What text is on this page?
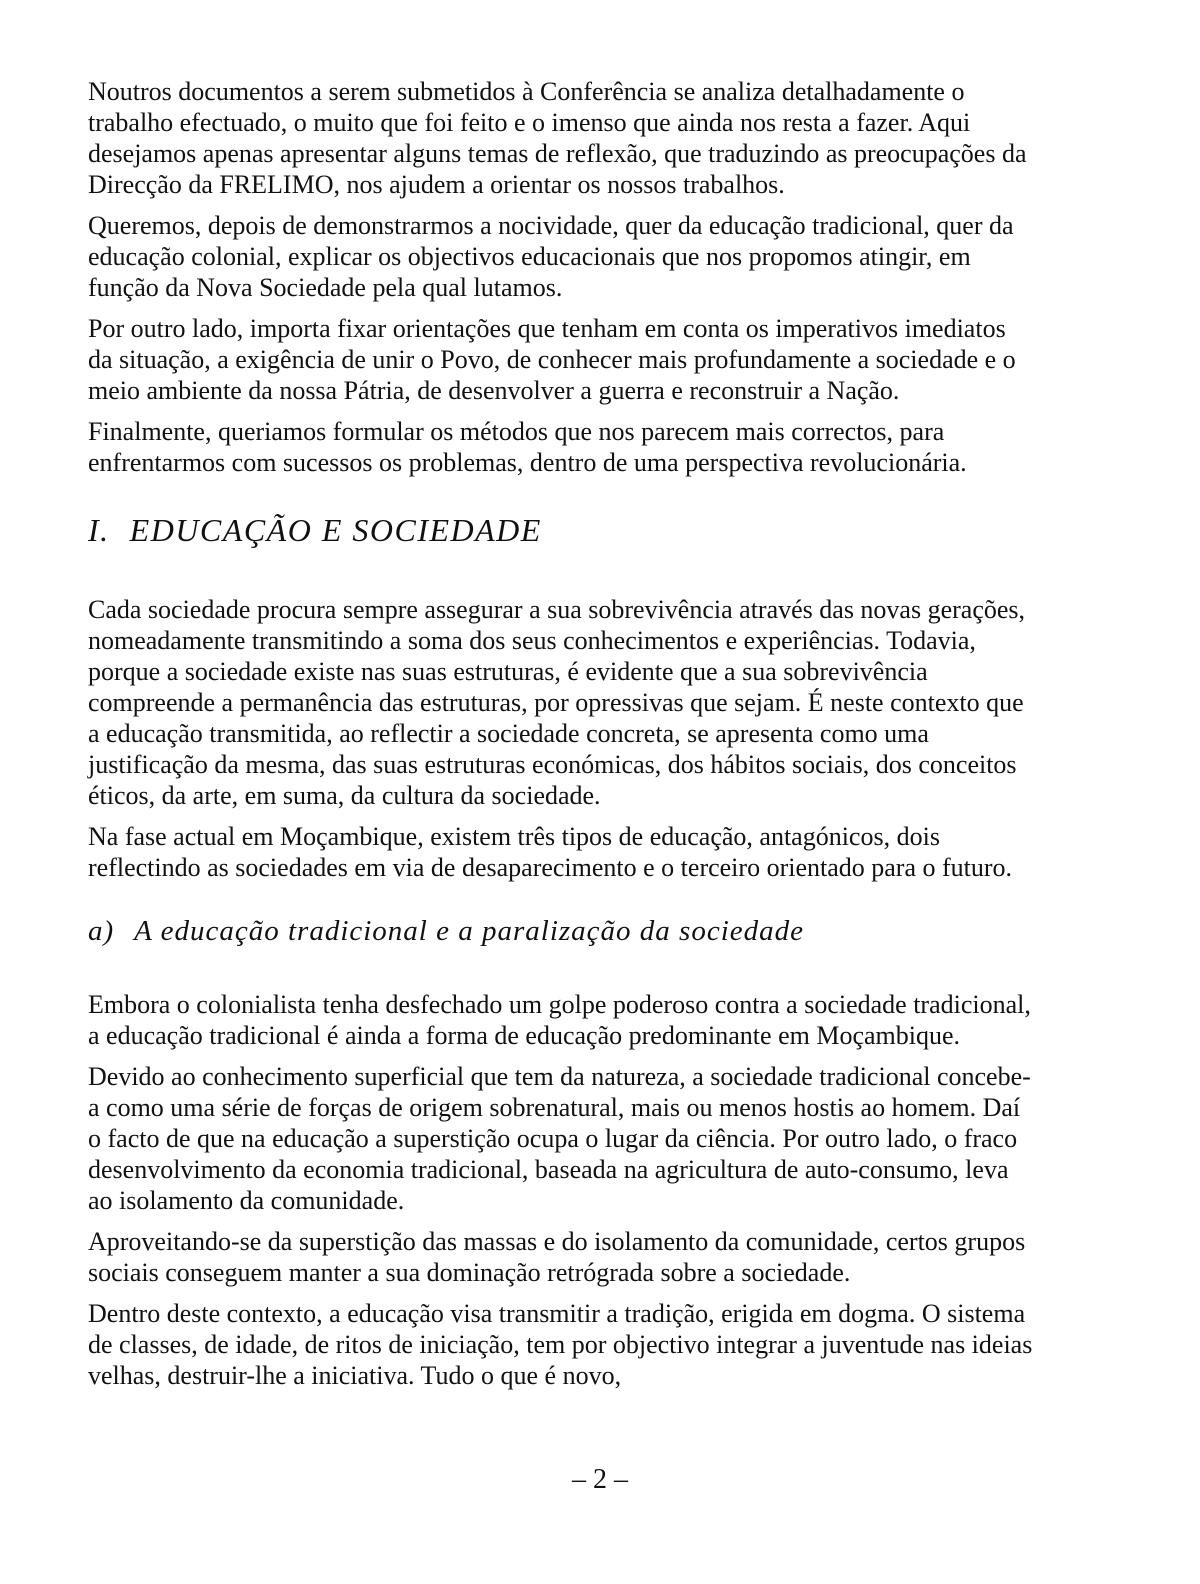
Noutros documentos a serem submetidos à Conferência se analiza detalhadamente o trabalho efectuado, o muito que foi feito e o imenso que ainda nos resta a fazer. Aqui desejamos apenas apresentar alguns temas de reflexão, que traduzindo as preocupações da Direcção da FRELIMO, nos ajudem a orientar os nossos trabalhos.

Queremos, depois de demonstrarmos a nocividade, quer da educação tradicional, quer da educação colonial, explicar os objectivos educacionais que nos propomos atingir, em função da Nova Sociedade pela qual lutamos.

Por outro lado, importa fixar orientações que tenham em conta os imperativos imediatos da situação, a exigência de unir o Povo, de conhecer mais profundamente a sociedade e o meio ambiente da nossa Pátria, de desenvolver a guerra e reconstruir a Nação.

Finalmente, queriamos formular os métodos que nos parecem mais correctos, para enfrentarmos com sucessos os problemas, dentro de uma perspectiva revolucionária.

I. EDUCAÇÃO E SOCIEDADE

Cada sociedade procura sempre assegurar a sua sobrevivência através das novas gerações, nomeadamente transmitindo a soma dos seus conhecimentos e experiências. Todavia, porque a sociedade existe nas suas estruturas, é evidente que a sua sobrevivência compreende a permanência das estruturas, por opressivas que sejam. É neste contexto que a educação transmitida, ao reflectir a sociedade concreta, se apresenta como uma justificação da mesma, das suas estruturas económicas, dos hábitos sociais, dos conceitos éticos, da arte, em suma, da cultura da sociedade.

Na fase actual em Moçambique, existem três tipos de educação, antagónicos, dois reflectindo as sociedades em via de desaparecimento e o terceiro orientado para o futuro.

a) A educação tradicional e a paralização da sociedade

Embora o colonialista tenha desfechado um golpe poderoso contra a sociedade tradicional, a educação tradicional é ainda a forma de educação predominante em Moçambique.

Devido ao conhecimento superficial que tem da natureza, a sociedade tradicional concebe-a como uma série de forças de origem sobrenatural, mais ou menos hostis ao homem. Daí o facto de que na educação a superstição ocupa o lugar da ciência. Por outro lado, o fraco desenvolvimento da economia tradicional, baseada na agricultura de auto-consumo, leva ao isolamento da comunidade.

Aproveitando-se da superstição das massas e do isolamento da comunidade, certos grupos sociais conseguem manter a sua dominação retrógrada sobre a sociedade.

Dentro deste contexto, a educação visa transmitir a tradição, erigida em dogma. O sistema de classes, de idade, de ritos de iniciação, tem por objectivo integrar a juventude nas ideias velhas, destruir-lhe a iniciativa. Tudo o que é novo,

– 2 –
